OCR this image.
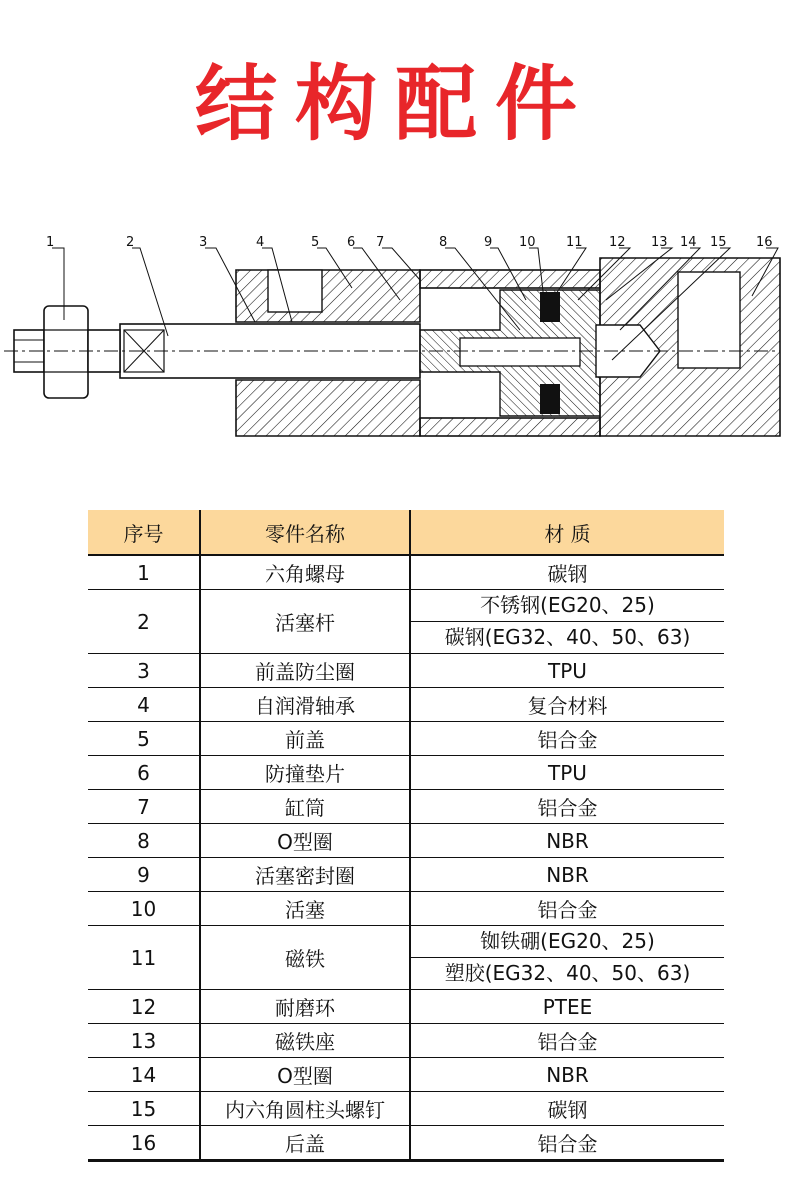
结构配件
1	2	3	4	5 6 7	8	9 10 11 12 13 14 15 16
序号	零件名称	材 质
1	六角螺母	碳钢
2	活塞杆	不锈钢(EG20、25)
碳钢(EG32、40、50、63)

3	前盖防尘圈	TPU
4	自润滑轴承	复合材料
5	前盖	铝合金
6	防撞垫片	TPU
7	缸筒	铝合金
8	O型圈	NBR
9	活塞密封圈	NBR
10	活塞	铝合金
11	磁铁	铷铁硼(EG20、25)
塑胶(EG32、40、50、63)

12	耐磨环	PTEE
13	磁铁座	铝合金
14	O型圈	NBR
15	内六角圆柱头螺钉	碳钢
16	后盖	铝合金
